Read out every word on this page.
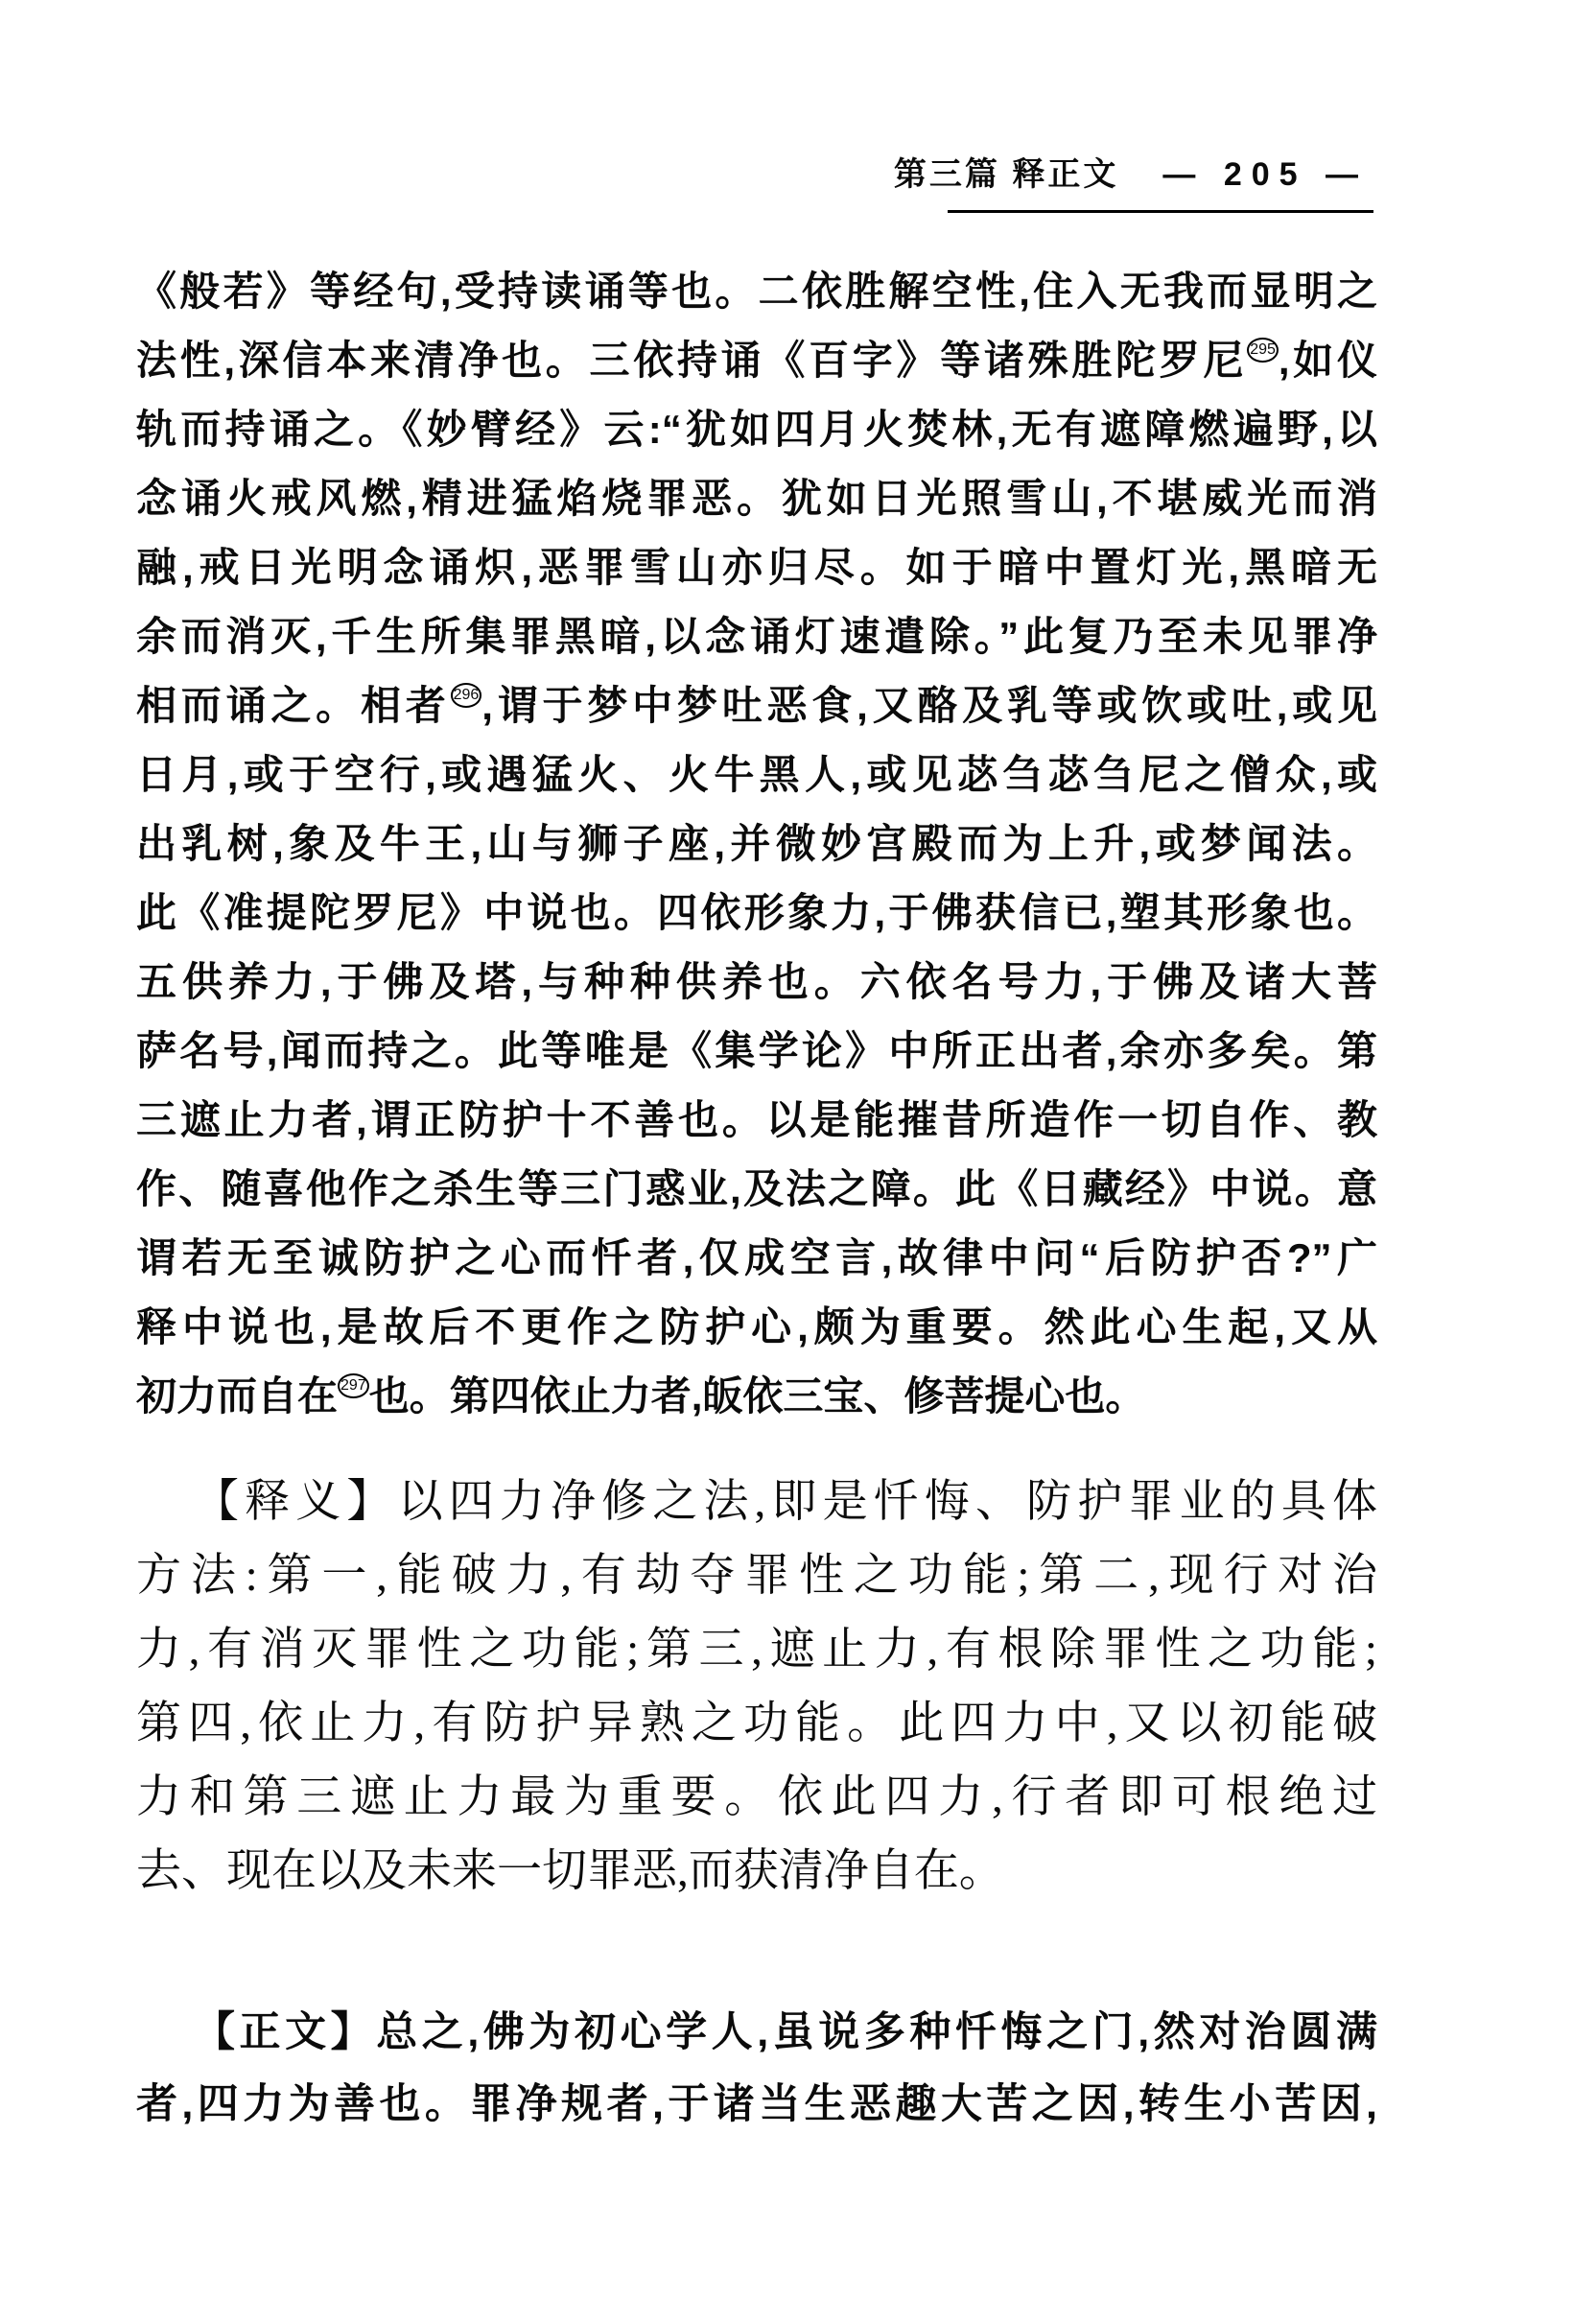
第三篇 释正文 — 205 —
《般若》等经句,受持读诵等也。二依胜解空性,住入无我而显明之
法性,深信本来清净也。三依持诵《百字》等诸殊胜陀罗尼 $^{295}$,如仪
轨而持诵之。《妙臂经》云:“犹如四月火焚林,无有遮障燃遍野,以
念诵火戒风燃,精进猛焰烧罪恶。犹如日光照雪山,不堪威光而消
融,戒日光明念诵炽,恶罪雪山亦归尽。如于暗中置灯光,黑暗无
余而消灭,千生所集罪黑暗,以念诵灯速遣除。”此复乃至未见罪净
相而诵之。相者 $^{296}$,谓于梦中梦吐恶食,又酪及乳等或饮或吐,或见
日月,或于空行,或遇猛火、火牛黑人,或见苾刍苾刍尼之僧众,或
出乳树,象及牛王,山与狮子座,并微妙宫殿而为上升,或梦闻法。
此《准提陀罗尼》中说也。四依形象力,于佛获信已,塑其形象也。
五供养力,于佛及塔,与种种供养也。六依名号力,于佛及诸大菩
萨名号,闻而持之。此等唯是《集学论》中所正出者,余亦多矣。第
三遮止力者,谓正防护十不善也。以是能摧昔所造作一切自作、教
作、随喜他作之杀生等三门惑业,及法之障。此《日藏经》中说。意
谓若无至诚防护之心而忏者,仅成空言,故律中问“后防护否?”广
释中说也,是故后不更作之防护心,颇为重要。然此心生起,又从
初力而自在 $^{297}$也。第四依止力者,皈依三宝、修菩提心也。
【释义】以四力净修之法,即是忏悔、防护罪业的具体
方法:第一,能破力,有劫夺罪性之功能;第二,现行对治
力,有消灭罪性之功能;第三,遮止力,有根除罪性之功能;
第四,依止力,有防护异熟之功能。此四力中,又以初能破
力和第三遮止力最为重要。依此四力,行者即可根绝过
去、现在以及未来一切罪恶,而获清净自在。
【正文】总之,佛为初心学人,虽说多种忏悔之门,然对治圆满
者,四力为善也。罪净规者,于诸当生恶趣大苦之因,转生小苦因,
